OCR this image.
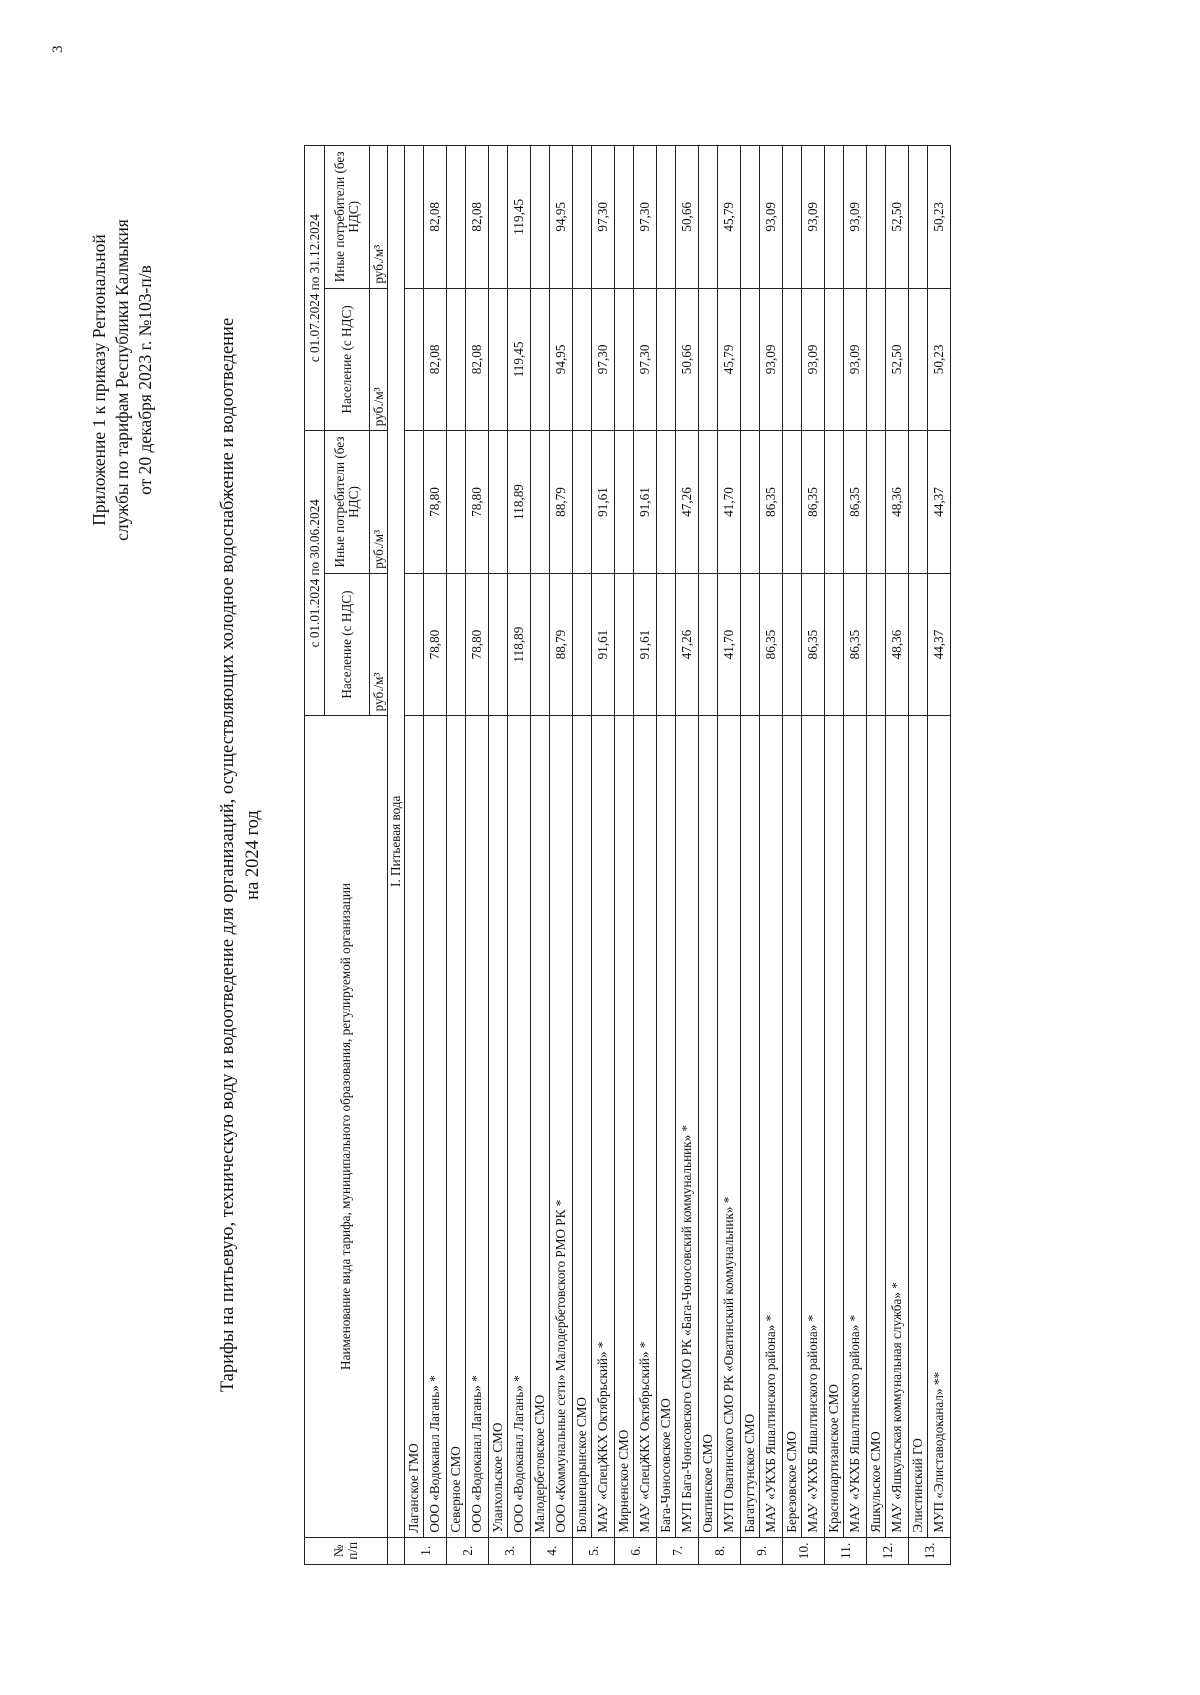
3
Приложение 1 к приказу Региональной службы по тарифам Республики Калмыкия от 20 декабря 2023 г. №103-п/в	Тарифы на питьевую, техническую воду и водоотведение для организаций, осуществляющих холодное водоснабжение и водоотведение на 2024 год
№ п/п	Наименование вида тарифа, муниципального образования, регулируемой организации	с 01.01.2024 по 30.06.2024		с 01.07.2024 по 31.12.2024	
		Население (с НДС)	Иные потребители (без НДС)	Население (с НДС)	Иные потребители (без НДС)
		руб./м³	руб./м³	руб./м³	руб./м³
	I. Питьевая вода				
1.	Лаганское ГМО				
	ООО «Водоканал Лагань» *	78,80	78,80	82,08	82,08
2.	Северное СМО				
	ООО «Водоканал Лагань» *	78,80	78,80	82,08	82,08
3.	Уланхольское СМО				
	ООО «Водоканал Лагань» *	118,89	118,89	119,45	119,45
4.	Малодербетовское СМО				
	ООО «Коммунальные сети» Малодербетовского РМО РК *	88,79	88,79	94,95	94,95
5.	Большецарынское СМО				
	МАУ «СпецЖКХ Октябрьский» *	91,61	91,61	97,30	97,30
6.	Мирненское СМО				
	МАУ «СпецЖКХ Октябрьский» *	91,61	91,61	97,30	97,30
7.	Бага-Чоносовское СМО				
	МУП Бага-Чоносовского СМО РК «Бага-Чоносовский коммунальник» *	47,26	47,26	50,66	50,66
8.	Оватинское СМО				
	МУП Оватинского СМО РК «Оватинский коммунальник» *	41,70	41,70	45,79	45,79
9.	Багатугтунское СМО				
	МАУ «УКХБ Яшалтинского района» *	86,35	86,35	93,09	93,09
10.	Березовское СМО				
	МАУ «УКХБ Яшалтинского района» *	86,35	86,35	93,09	93,09
11.	Краснопартизанское СМО				
	МАУ «УКХБ Яшалтинского района» *	86,35	86,35	93,09	93,09
12.	Яшкульское СМО				
	МАУ «Яшкульская коммунальная служба» *	48,36	48,36	52,50	52,50
13.	Элистинский ГО				
	МУП «Элиставодоканал» **	44,37	44,37	50,23	50,23
